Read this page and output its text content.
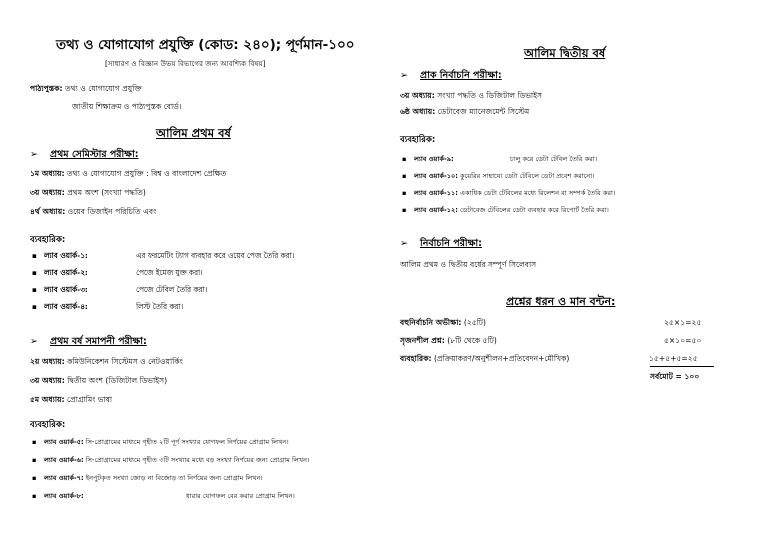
তথ্য ও যোগাযোগ প্রযুক্তি (কোড: ২৪০); পূর্ণমান-১০০
[সাধারণ ও বিজ্ঞান উভয় বিভাগের জন্য আবশ্যিক বিষয়]
পাঠ্যপুস্তক: তথ্য ও যোগাযোগ প্রযুক্তি
জাতীয় শিক্ষাক্রম ও পাঠ্যপুস্তক বোর্ড।
আলিম প্রথম বর্ষ
➢ প্রথম সেমিস্টার পরীক্ষা:
১ম অধ্যায়: তথ্য ও যোগাযোগ প্রযুক্তি : বিশ্ব ও বাংলাদেশ প্রেক্ষিত
৩য় অধ্যায়: প্রথম অংশ (সংখ্যা পদ্ধতি)
৪র্থ অধ্যায়: ওয়েব ডিজাইন পরিচিতি এবং
ব্যবহারিক:
▪ ল্যাব ওয়ার্ক-১:	এর ফরমেটিং ট্যাগ ব্যবহার করে ওয়েব পেজ তৈরি করা।
▪ ল্যাব ওয়ার্ক-২:	পেজে ইমেজ যুক্ত করা।
▪ ল্যাব ওয়ার্ক-৩:	পেজে টেবিল তৈরি করা।
▪ ল্যাব ওয়ার্ক-৪:	লিস্ট তৈরি করা।
➢ প্রথম বর্ষ সমাপনী পরীক্ষা:
২য় অধ্যায়: কমিউনিকেশন সিস্টেমস ও নেটওয়ার্কিং
৩য় অধ্যায়: দ্বিতীয় অংশ (ডিজিটাল ডিভাইস)
৫ম অধ্যায়: প্রোগ্রামিং ভাষা
ব্যবহারিক:
▪ ল্যাব ওয়ার্ক-৫: সি-প্রোগ্রামের মাধ্যমে গৃহীত ২টি পূর্ণ সংখ্যার যোগফল নির্ণয়ের প্রোগ্রাম লিখন।
▪ ল্যাব ওয়ার্ক-৬: সি-প্রোগ্রামের মাধ্যমে গৃহীত ৩টি সংখ্যার মধ্যে বড় সংখ্যা নির্ণয়ের জন্য প্রোগ্রাম লিখন।
▪ ল্যাব ওয়ার্ক-৭: ইনপুটকৃত সংখ্যা জোড় না বিজোড় তা নির্ণয়ের জন্য প্রোগ্রাম লিখন।
▪ ল্যাব ওয়ার্ক-৮:	ধারার যোগফল বের করার প্রোগ্রাম লিখন।
আলিম দ্বিতীয় বর্ষ
➢ প্রাক নির্বাচনি পরীক্ষা:
৩য় অধ্যায়: সংখ্যা পদ্ধতি ও ডিজিটাল ডিভাইস
৬ষ্ঠ অধ্যায়: ডেটাবেজ ম্যানেজমেন্ট সিস্টেম
ব্যবহারিক:
▪ ল্যাব ওয়ার্ক-৯:	চালু করে ডেটা টেবিল তৈরি করা।
▪ ল্যাব ওয়ার্ক-১০: কুয়েরির সাহায্যে ডেটা টেবিলে ডেটা প্রবেশ করানো।
▪ ল্যাব ওয়ার্ক-১১: একাধিক ডেটা টেবিলের মধ্যে রিলেশন বা সম্পর্ক তৈরি করা।
▪ ল্যাব ওয়ার্ক-১২: ডেটাবেজ টেবিলের ডেটা ব্যবহার করে রিপোর্ট তৈরি করা।
➢ নির্বাচনি পরীক্ষা:
আলিম প্রথম ও দ্বিতীয় বর্ষের সম্পূর্ণ সিলেবাস
প্রশ্নের ধরন ও মান বন্টন:
বহুনির্বাচনি অভীক্ষা: (২৫টি)	২৫×১=২৫
সৃজনশীল প্রশ্ন: (৮টি থেকে ৫টি)	৫×১০=৫০
ব্যবহারিক: (প্রক্রিয়াকরণ/অনুশীলন+প্রতিবেদন+মৌখিক)	১৫+৫+৫=২৫
সর্বমোট = ১০০
